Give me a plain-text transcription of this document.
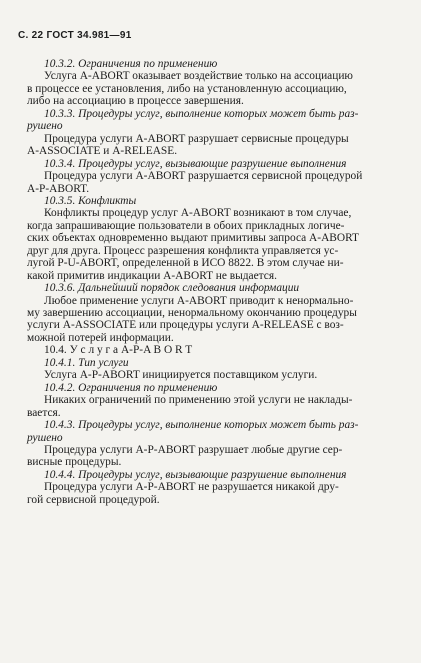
С. 22 ГОСТ 34.981—91
10.3.2. Ограничения по применению
Услуга A-ABORT оказывает воздействие только на ассоциацию
в процессе ее установления, либо на установленную ассоциацию,
либо на ассоциацию в процессе завершения.
10.3.3. Процедуры услуг, выполнение которых может быть раз-
рушено
Процедура услуги A-ABORT разрушает сервисные процедуры
A-ASSOCIATE и A-RELEASE.
10.3.4. Процедуры услуг, вызывающие разрушение выполнения
Процедура услуги A-ABORT разрушается сервисной процедурой
A-P-ABORT.
10.3.5. Конфликты
Конфликты процедур услуг A-ABORT возникают в том случае,
когда запрашивающие пользователи в обоих прикладных логиче-
ских объектах одновременно выдают примитивы запроса A-ABORT
друг для друга. Процесс разрешения конфликта управляется ус-
лугой P-U-ABORT, определенной в ИСО 8822. В этом случае ни-
какой примитив индикации A-ABORT не выдается.
10.3.6. Дальнейший порядок следования информации
Любое применение услуги A-ABORT приводит к ненормально-
му завершению ассоциации, ненормальному окончанию процедуры
услуги A-ASSOCIATE или процедуры услуги A-RELEASE с воз-
можной потерей информации.
10.4. У с л у г а A-P-A B O R T
10.4.1. Тип услуги
Услуга A-P-ABORT инициируется поставщиком услуги.
10.4.2. Ограничения по применению
Никаких ограничений по применению этой услуги не наклады-
вается.
10.4.3. Процедуры услуг, выполнение которых может быть раз-
рушено
Процедура услуги A-P-ABORT разрушает любые другие сер-
висные процедуры.
10.4.4. Процедуры услуг, вызывающие разрушение выполнения
Процедура услуги A-P-ABORT не разрушается никакой дру-
гой сервисной процедурой.
